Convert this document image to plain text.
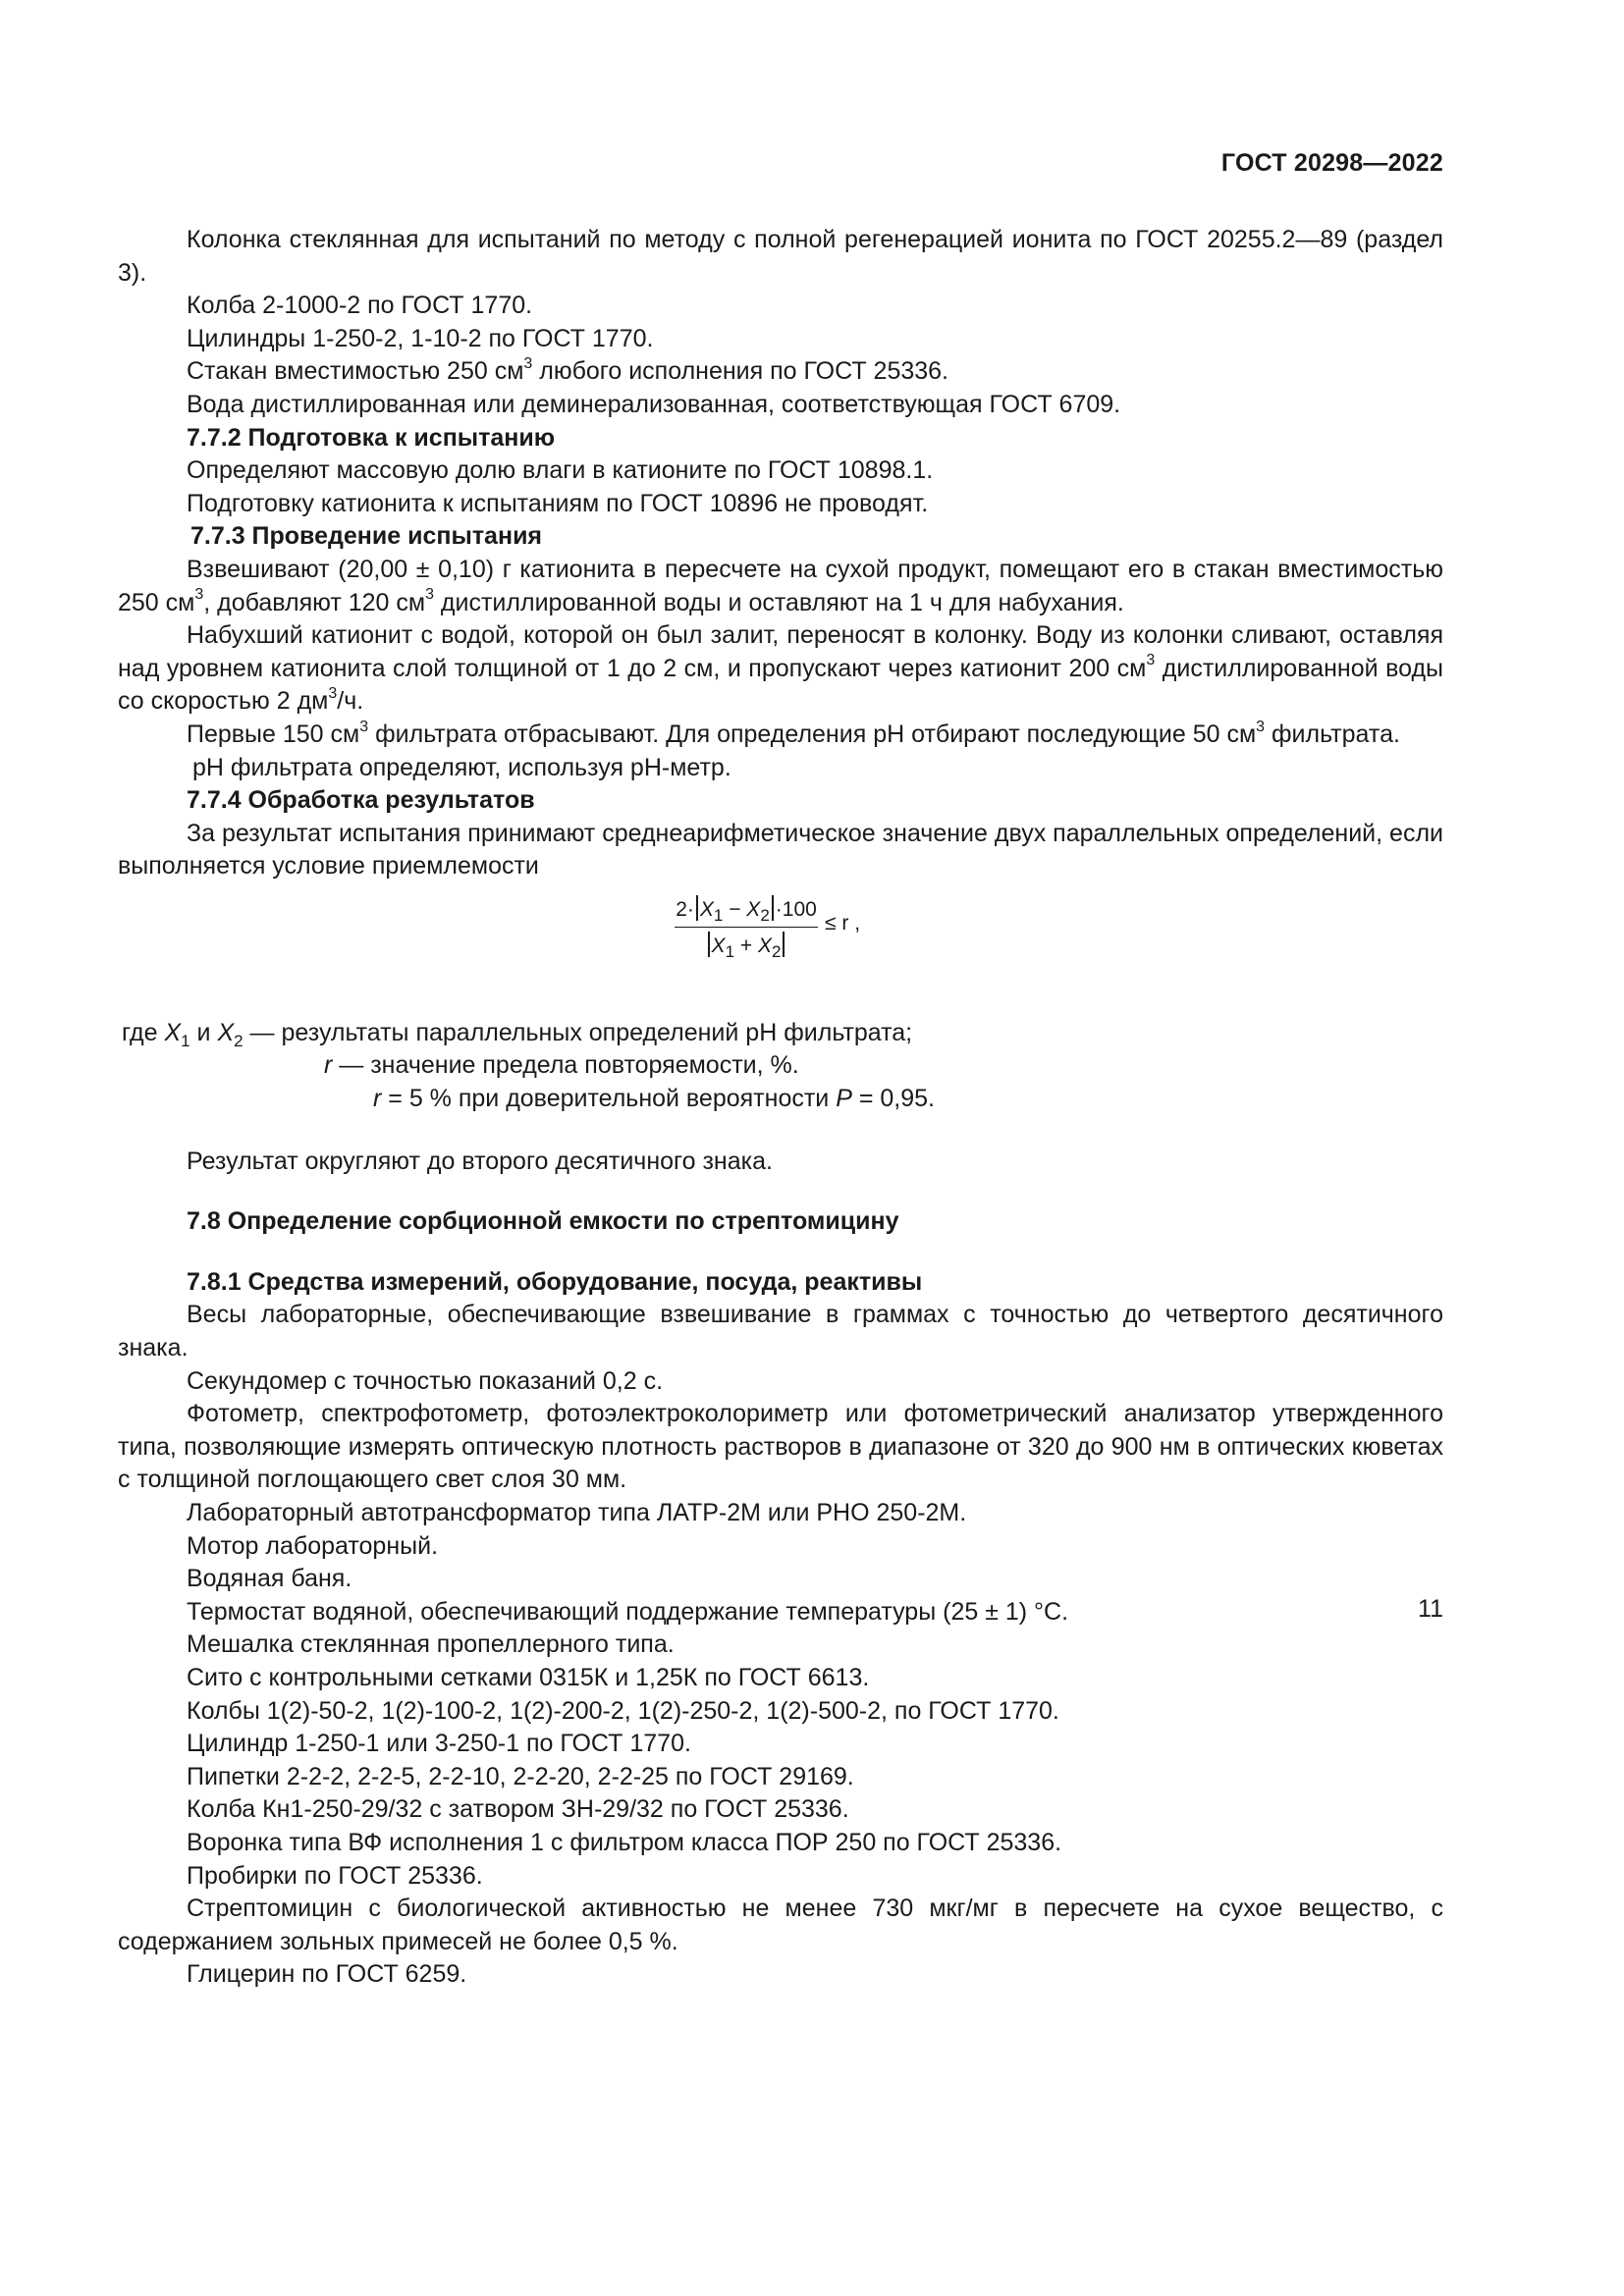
ГОСТ 20298—2022

Колонка стеклянная для испытаний по методу с полной регенерацией ионита по ГОСТ 20255.2—89 (раздел 3).

Колба 2-1000-2 по ГОСТ 1770.

Цилиндры 1-250-2, 1-10-2 по ГОСТ 1770.

Стакан вместимостью 250 $см^3$ любого исполнения по ГОСТ 25336.

Вода дистиллированная или деминерализованная, соответствующая ГОСТ 6709.

7.7.2 Подготовка к испытанию

Определяют массовую долю влаги в катионите по ГОСТ 10898.1.

Подготовку катионита к испытаниям по ГОСТ 10896 не проводят.

7.7.3 Проведение испытания

Взвешивают (20,00 ± 0,10) г катионита в пересчете на сухой продукт, помещают его в стакан вместимостью 250 $см^3$, добавляют 120 $см^3$ дистиллированной воды и оставляют на 1 ч для набухания.

Набухший катионит с водой, которой он был залит, переносят в колонку. Воду из колонки сливают, оставляя над уровнем катионита слой толщиной от 1 до 2 см, и пропускают через катионит 200 $см^3$ дистиллированной воды со скоростью 2 $дм^3/ч$.

Первые 150 $см^3$ фильтрата отбрасывают. Для определения рН отбирают последующие 50 $см^3$ фильтрата.

рН фильтрата определяют, используя рН-метр.

7.7.4 Обработка результатов

За результат испытания принимают среднеарифметическое значение двух параллельных определений, если выполняется условие приемлемости

$\frac{2\cdot X_1 - X_2 \cdot 100}{X_1 + X_2} \le r$ ,

где $X_1$ и $X_2$ — результаты параллельных определений рН фильтрата;

r — значение предела повторяемости, %.

r = 5 % при доверительной вероятности P = 0,95.

Результат округляют до второго десятичного знака.

7.8 Определение сорбционной емкости по стрептомицину

7.8.1 Средства измерений, оборудование, посуда, реактивы

Весы лабораторные, обеспечивающие взвешивание в граммах с точностью до четвертого десятичного знака.

Секундомер с точностью показаний 0,2 с.

Фотометр, спектрофотометр, фотоэлектроколориметр или фотометрический анализатор утвержденного типа, позволяющие измерять оптическую плотность растворов в диапазоне от 320 до 900 нм в оптических кюветах с толщиной поглощающего свет слоя 30 мм.

Лабораторный автотрансформатор типа ЛАТР-2М или РНО 250-2М.

Мотор лабораторный.

Водяная баня.

Термостат водяной, обеспечивающий поддержание температуры (25 ± 1) °С.

Мешалка стеклянная пропеллерного типа.

Сито с контрольными сетками 0315К и 1,25К по ГОСТ 6613.

Колбы 1(2)-50-2, 1(2)-100-2, 1(2)-200-2, 1(2)-250-2, 1(2)-500-2, по ГОСТ 1770.

Цилиндр 1-250-1 или 3-250-1 по ГОСТ 1770.

Пипетки 2-2-2, 2-2-5, 2-2-10, 2-2-20, 2-2-25 по ГОСТ 29169.

Колба Кн1-250-29/32 с затвором ЗН-29/32 по ГОСТ 25336.

Воронка типа ВФ исполнения 1 с фильтром класса ПОР 250 по ГОСТ 25336.

Пробирки по ГОСТ 25336.

Стрептомицин с биологической активностью не менее 730 мкг/мг в пересчете на сухое вещество, с содержанием зольных примесей не более 0,5 %.

Глицерин по ГОСТ 6259.

11
